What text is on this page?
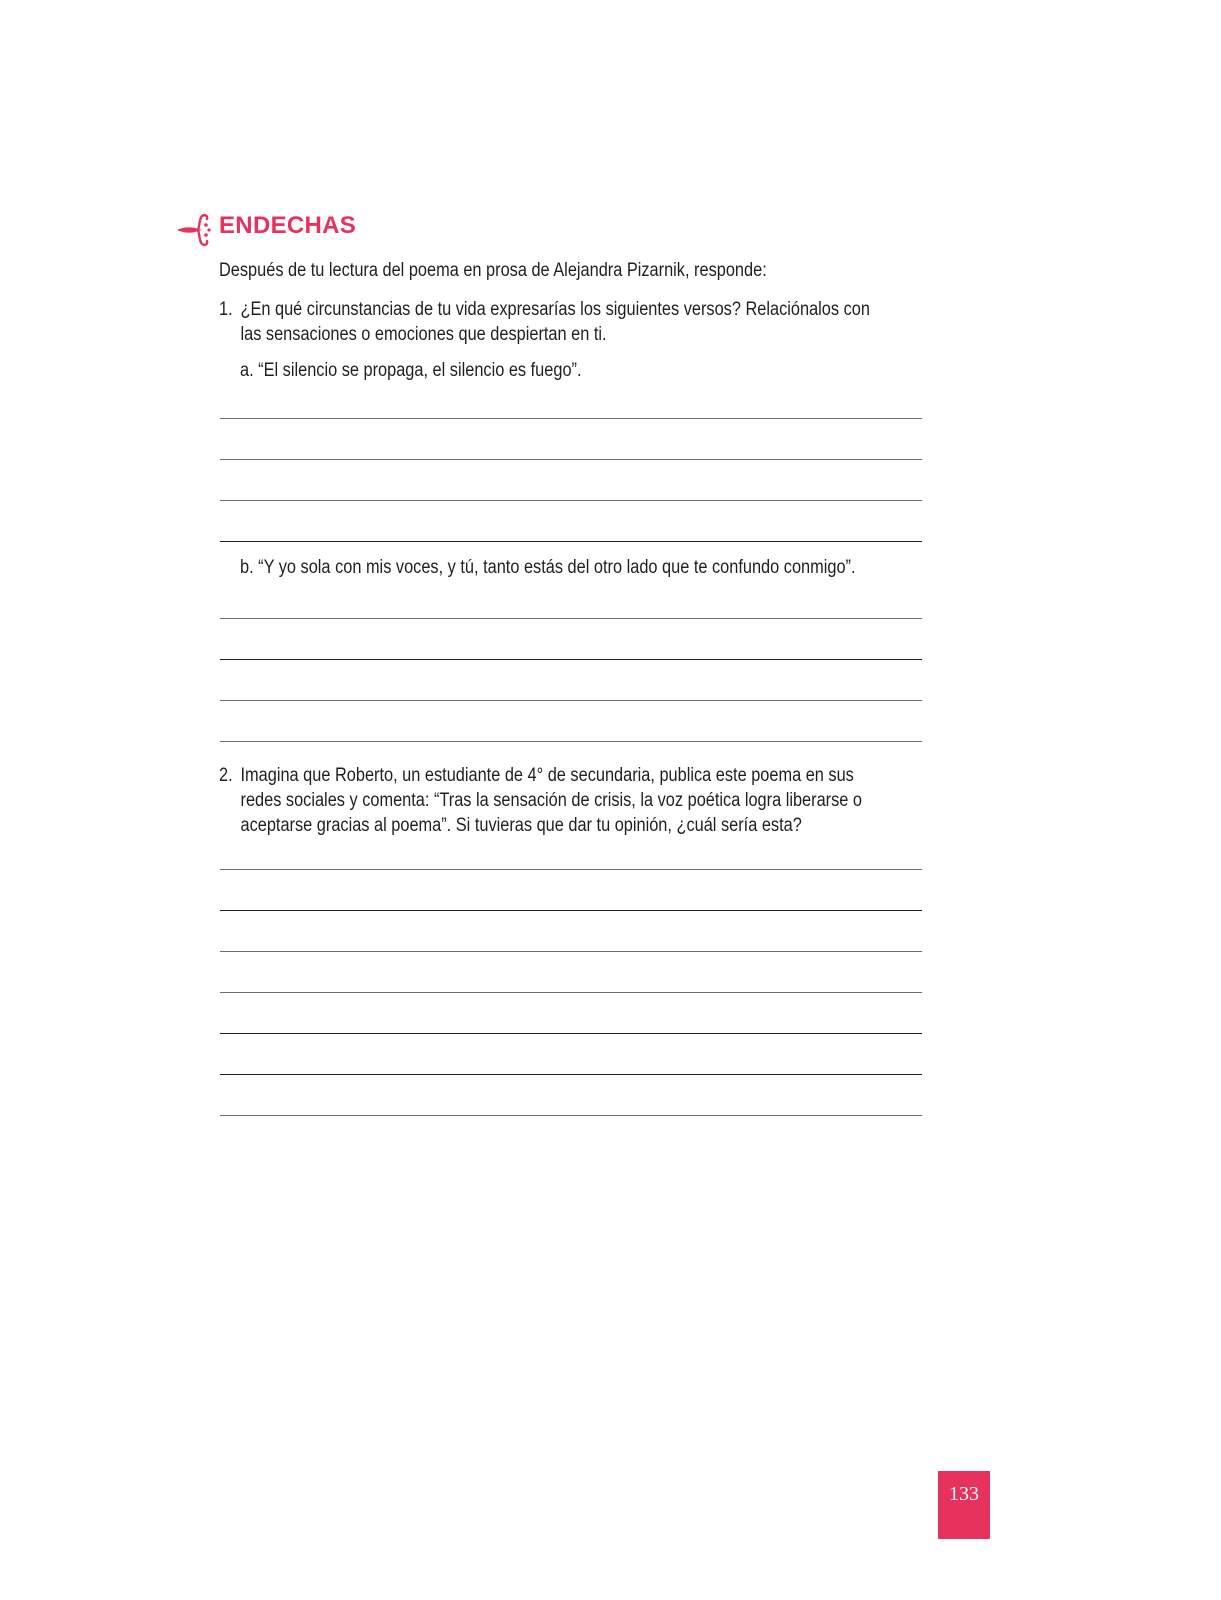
ENDECHAS
Después de tu lectura del poema en prosa de Alejandra Pizarnik, responde:
1. ¿En qué circunstancias de tu vida expresarías los siguientes versos? Relaciónalos con
las sensaciones o emociones que despiertan en ti.
a. “El silencio se propaga, el silencio es fuego”.
b. “Y yo sola con mis voces, y tú, tanto estás del otro lado que te confundo conmigo”.
2. Imagina que Roberto, un estudiante de 4° de secundaria, publica este poema en sus
redes sociales y comenta: “Tras la sensación de crisis, la voz poética logra liberarse o
aceptarse gracias al poema”. Si tuvieras que dar tu opinión, ¿cuál sería esta?
133
